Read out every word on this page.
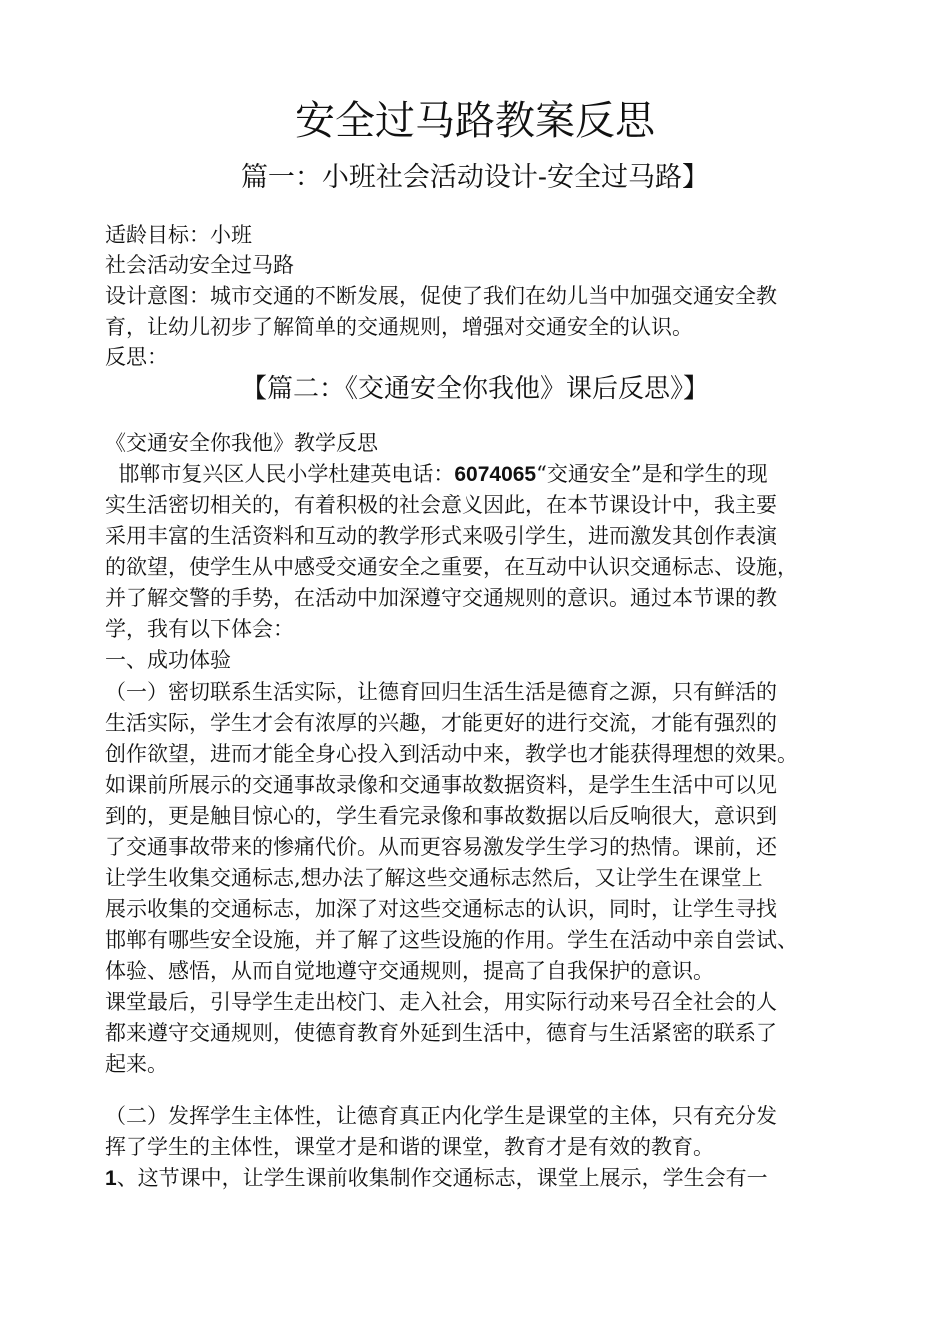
安全过马路教案反思
篇一：小班社会活动设计-安全过马路】
适龄目标：小班
社会活动安全过马路
设计意图：城市交通的不断发展，促使了我们在幼儿当中加强交通安全教
育，让幼儿初步了解简单的交通规则，增强对交通安全的认识。
反思：
【篇二：《交通安全你我他》课后反思》】
《交通安全你我他》教学反思
邯郸市复兴区人民小学杜建英电话：6074065“交通安全”是和学生的现
实生活密切相关的，有着积极的社会意义因此，在本节课设计中，我主要
采用丰富的生活资料和互动的教学形式来吸引学生，进而激发其创作表演
的欲望，使学生从中感受交通安全之重要，在互动中认识交通标志、设施，
并了解交警的手势，在活动中加深遵守交通规则的意识。通过本节课的教
学，我有以下体会：
一、成功体验
（一）密切联系生活实际，让德育回归生活生活是德育之源，只有鲜活的
生活实际，学生才会有浓厚的兴趣，才能更好的进行交流，才能有强烈的
创作欲望，进而才能全身心投入到活动中来，教学也才能获得理想的效果。
如课前所展示的交通事故录像和交通事故数据资料，是学生生活中可以见
到的，更是触目惊心的，学生看完录像和事故数据以后反响很大，意识到
了交通事故带来的惨痛代价。从而更容易激发学生学习的热情。课前，还
让学生收集交通标志,想办法了解这些交通标志然后，又让学生在课堂上
展示收集的交通标志，加深了对这些交通标志的认识，同时，让学生寻找
邯郸有哪些安全设施，并了解了这些设施的作用。学生在活动中亲自尝试、
体验、感悟，从而自觉地遵守交通规则，提高了自我保护的意识。
课堂最后，引导学生走出校门、走入社会，用实际行动来号召全社会的人
都来遵守交通规则，使德育教育外延到生活中，德育与生活紧密的联系了
起来。
（二）发挥学生主体性，让德育真正内化学生是课堂的主体，只有充分发
挥了学生的主体性，课堂才是和谐的课堂，教育才是有效的教育。
1、这节课中，让学生课前收集制作交通标志，课堂上展示，学生会有一
